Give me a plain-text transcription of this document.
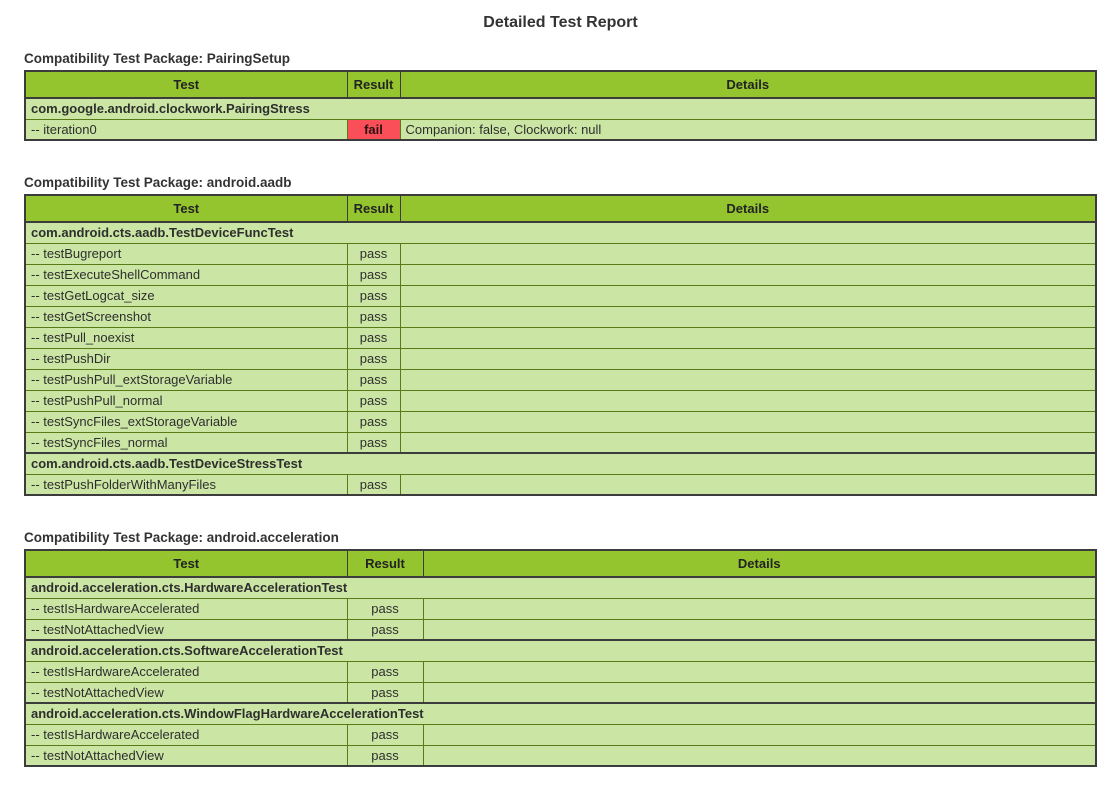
Detailed Test Report
Compatibility Test Package: PairingSetup
Test	Result	Details
com.google.android.clockwork.PairingStress		
-- iteration0	fail	Companion: false, Clockwork: null
Compatibility Test Package: android.aadb
Test	Result	Details
com.android.cts.aadb.TestDeviceFuncTest		
-- testBugreport	pass	
-- testExecuteShellCommand	pass	
-- testGetLogcat_size	pass	
-- testGetScreenshot	pass	
-- testPull_noexist	pass	
-- testPushDir	pass	
-- testPushPull_extStorageVariable	pass	
-- testPushPull_normal	pass	
-- testSyncFiles_extStorageVariable	pass	
-- testSyncFiles_normal	pass	
com.android.cts.aadb.TestDeviceStressTest		
-- testPushFolderWithManyFiles	pass	
Compatibility Test Package: android.acceleration
Test	Result	Details
android.acceleration.cts.HardwareAccelerationTest		
-- testIsHardwareAccelerated	pass	
-- testNotAttachedView	pass	
android.acceleration.cts.SoftwareAccelerationTest		
-- testIsHardwareAccelerated	pass	
-- testNotAttachedView	pass	
android.acceleration.cts.WindowFlagHardwareAccelerationTest		
-- testIsHardwareAccelerated	pass	
-- testNotAttachedView	pass	
